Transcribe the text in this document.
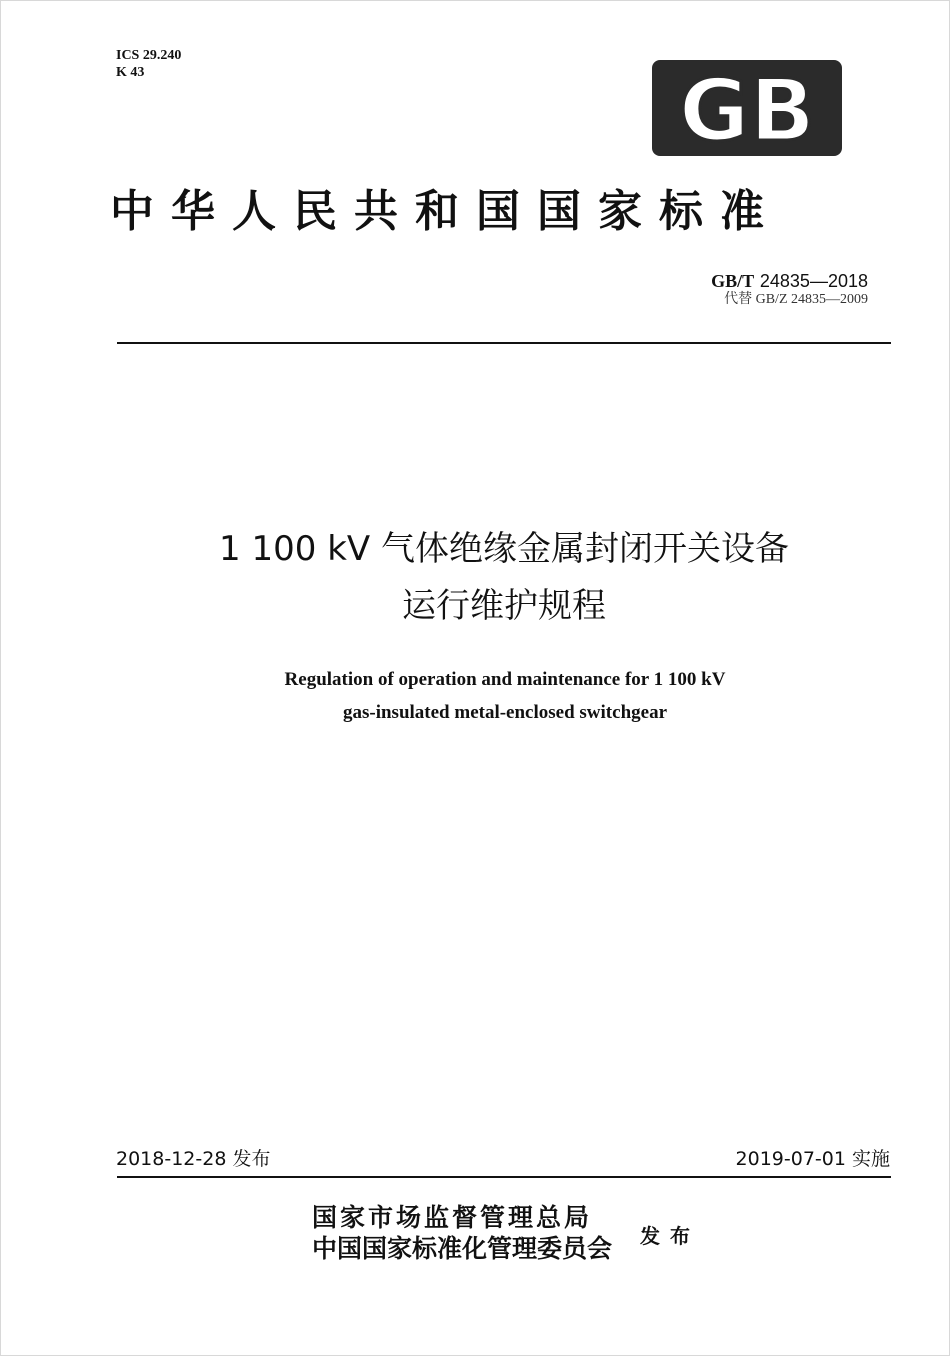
ICS 29.240
K 43	GB
中华人民共和国国家标准
GB/T 24835—2018
代替 GB/Z 24835—2009
1 100 kV 气体绝缘金属封闭开关设备
运行维护规程
Regulation of operation and maintenance for 1 100 kV
gas-insulated metal-enclosed switchgear
2018-12-28 发布	2019-07-01 实施
国家市场监督管理总局
中国国家标准化管理委员会 发布
